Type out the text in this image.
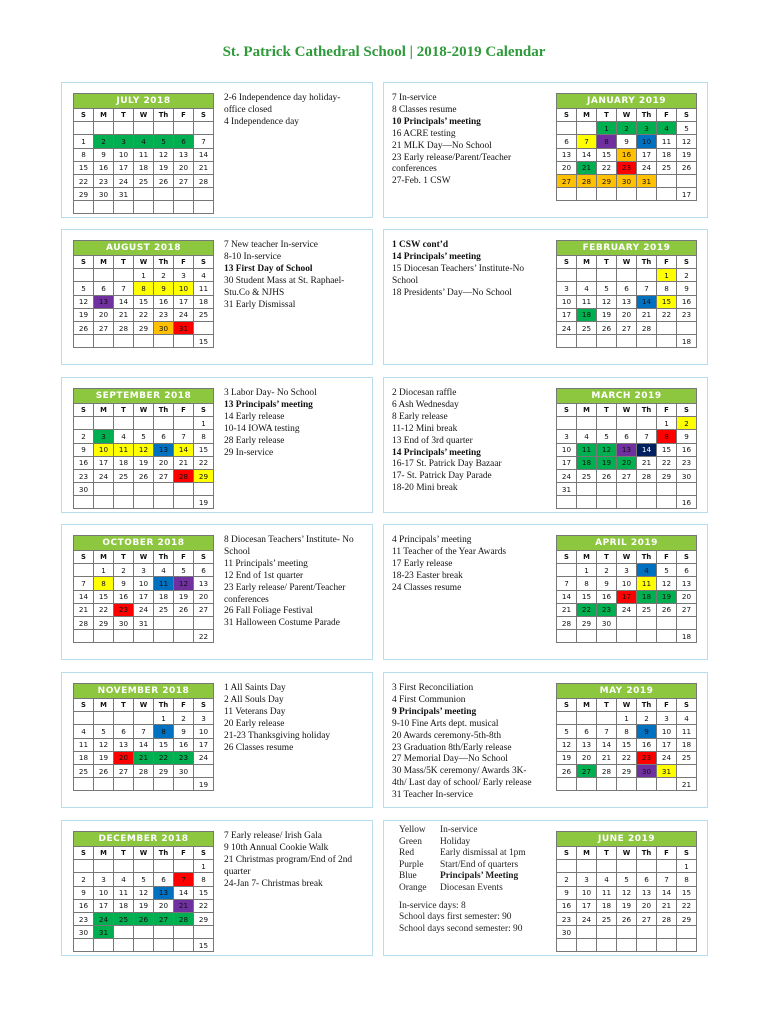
St. Patrick Cathedral School | 2018-2019 Calendar
JULY 2018						
S	M	T	W	Th	F	S

1	2	3	4	5	6	7
8	9	10	11	12	13	14
15	16	17	18	19	20	21
22	23	24	25	26	27	28
29	30	31				

2-6 Independence day holiday-
office closed
4 Independence day
7 In-service
8 Classes resume
10 Principals’ meeting
16 ACRE testing
21 MLK Day—No School
23 Early release/Parent/Teacher
conferences
27-Feb. 1 CSW
JANUARY 2019						
S	M	T	W	Th	F	S
		1	2	3	4	5
6	7	8	9	10	11	12
13	14	15	16	17	18	19
20	21	22	23	24	25	26
27	28	29	30	31		
						17
AUGUST 2018						
S	M	T	W	Th	F	S
			1	2	3	4
5	6	7	8	9	10	11
12	13	14	15	16	17	18
19	20	21	22	23	24	25
26	27	28	29	30	31	
						15
7 New teacher In-service
8-10 In-service
13 First Day of School
30 Student Mass at St. Raphael-
Stu.Co & NJHS
31 Early Dismissal
1 CSW cont’d
14 Principals’ meeting
15 Diocesan Teachers’ Institute-No
School
18 Presidents’ Day—No School
FEBRUARY 2019						
S	M	T	W	Th	F	S
					1	2
3	4	5	6	7	8	9
10	11	12	13	14	15	16
17	18	19	20	21	22	23
24	25	26	27	28		
						18
SEPTEMBER 2018						
S	M	T	W	Th	F	S
						1
2	3	4	5	6	7	8
9	10	11	12	13	14	15
16	17	18	19	20	21	22
23	24	25	26	27	28	29
30						
						19
3 Labor Day- No School
13 Principals’ meeting
14 Early release
10-14 IOWA testing
28 Early release
29 In-service
2 Diocesan raffle
6 Ash Wednesday
8 Early release
11-12 Mini break
13 End of 3rd quarter
14 Principals’ meeting
16-17 St. Patrick Day Bazaar
17- St. Patrick Day Parade
18-20 Mini break
MARCH 2019						
S	M	T	W	Th	F	S
					1	2
3	4	5	6	7	8	9
10	11	12	13	14	15	16
17	18	19	20	21	22	23
24	25	26	27	28	29	30
31						
						16
OCTOBER 2018						
S	M	T	W	Th	F	S
	1	2	3	4	5	6
7	8	9	10	11	12	13
14	15	16	17	18	19	20
21	22	23	24	25	26	27
28	29	30	31			
						22
8 Diocesan Teachers’ Institute- No
School
11 Principals’ meeting
12 End of 1st quarter
23 Early release/ Parent/Teacher
conferences
26 Fall Foliage Festival
31 Halloween Costume Parade
4 Principals’ meeting
11 Teacher of the Year Awards
17 Early release
18-23 Easter break
24 Classes resume
APRIL 2019						
S	M	T	W	Th	F	S
	1	2	3	4	5	6
7	8	9	10	11	12	13
14	15	16	17	18	19	20
21	22	23	24	25	26	27
28	29	30				
						18
NOVEMBER 2018						
S	M	T	W	Th	F	S
				1	2	3
4	5	6	7	8	9	10
11	12	13	14	15	16	17
18	19	20	21	22	23	24
25	26	27	28	29	30	
						19
1 All Saints Day
2 All Souls Day
11 Veterans Day
20 Early release
21-23 Thanksgiving holiday
26 Classes resume
3 First Reconciliation
4 First Communion
9 Principals’ meeting
9-10 Fine Arts dept. musical
20 Awards ceremony-5th-8th
23 Graduation 8th/Early release
27 Memorial Day—No School
30 Mass/5K ceremony/ Awards 3K-
4th/ Last day of school/ Early release
31 Teacher In-service
MAY 2019						
S	M	T	W	Th	F	S
			1	2	3	4
5	6	7	8	9	10	11
12	13	14	15	16	17	18
19	20	21	22	23	24	25
26	27	28	29	30	31	
						21
DECEMBER 2018						
S	M	T	W	Th	F	S
						1
2	3	4	5	6	7	8
9	10	11	12	13	14	15
16	17	18	19	20	21	22
23	24	25	26	27	28	29
30	31					
						15
7 Early release/ Irish Gala
9 10th Annual Cookie Walk
21 Christmas program/End of 2nd
quarter
24-Jan 7- Christmas break
Yellow In-service
Green Holiday
Red	Early dismissal at 1pm
Purple Start/End of quarters
Blue Principals’ Meeting
Orange Diocesan Events
In-service days: 8
School days first semester: 90
School days second semester: 90
JUNE 2019						
S	M	T	W	Th	F	S
						1
2	3	4	5	6	7	8
9	10	11	12	13	14	15
16	17	18	19	20	21	22
23	24	25	26	27	28	29
30						
